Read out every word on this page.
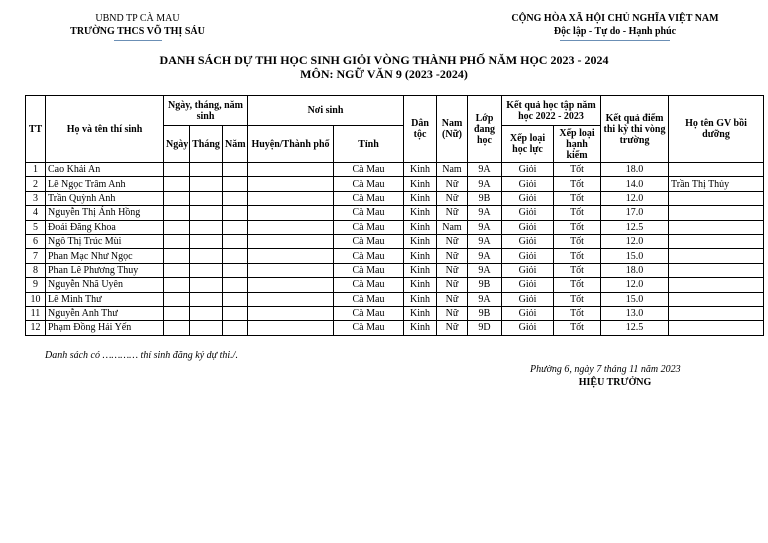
UBND TP CÀ MAU
TRƯỜNG THCS VÕ THỊ SÁU
CỘNG HÒA XÃ HỘI CHỦ NGHĨA VIỆT NAM
Độc lập - Tự do - Hạnh phúc
DANH SÁCH DỰ THI HỌC SINH GIỎI VÒNG THÀNH PHỐ NĂM HỌC 2023 - 2024
MÔN: NGỮ VĂN 9 (2023 -2024)
TT	Họ và tên thí sinh	Ngày, tháng, năm sinh			Nơi sinh		Dân tộc	Nam (Nữ)	Lớp đang học	Kết quả học tập năm học 2022 - 2023		Kết quả điểm thi kỳ thi vòng trường	Họ tên GV bồi dưỡng
		Ngày	Tháng	Năm	Huyện/Thành phố	Tỉnh				Xếp loại học lực	Xếp loại hạnh kiểm		
1	Cao Khải An					Cà Mau	Kinh	Nam	9A	Giỏi	Tốt	18.0	
2	Lê Ngọc Trâm Anh					Cà Mau	Kinh	Nữ	9A	Giỏi	Tốt	14.0	Trần Thị Thủy
3	Trần Quỳnh Anh					Cà Mau	Kinh	Nữ	9B	Giỏi	Tốt	12.0	
4	Nguyễn Thị Ánh Hồng					Cà Mau	Kinh	Nữ	9A	Giỏi	Tốt	17.0	
5	Đoái Đăng Khoa					Cà Mau	Kinh	Nam	9A	Giỏi	Tốt	12.5	
6	Ngô Thị Trúc Mùi					Cà Mau	Kinh	Nữ	9A	Giỏi	Tốt	12.0	
7	Phan Mạc Như Ngọc					Cà Mau	Kinh	Nữ	9A	Giỏi	Tốt	15.0	
8	Phan Lê Phương Thuy					Cà Mau	Kinh	Nữ	9A	Giỏi	Tốt	18.0	
9	Nguyễn Nhã Uyên					Cà Mau	Kinh	Nữ	9B	Giỏi	Tốt	12.0	
10	Lê Minh Thư					Cà Mau	Kinh	Nữ	9A	Giỏi	Tốt	15.0	
11	Nguyễn Anh Thư					Cà Mau	Kinh	Nữ	9B	Giỏi	Tốt	13.0	
12	Phạm Đồng Hải Yến					Cà Mau	Kinh	Nữ	9D	Giỏi	Tốt	12.5	
Danh sách có ………… thí sinh đăng ký dự thi./.
Phường 6, ngày 7 tháng 11 năm 2023
HIỆU TRƯỞNG
